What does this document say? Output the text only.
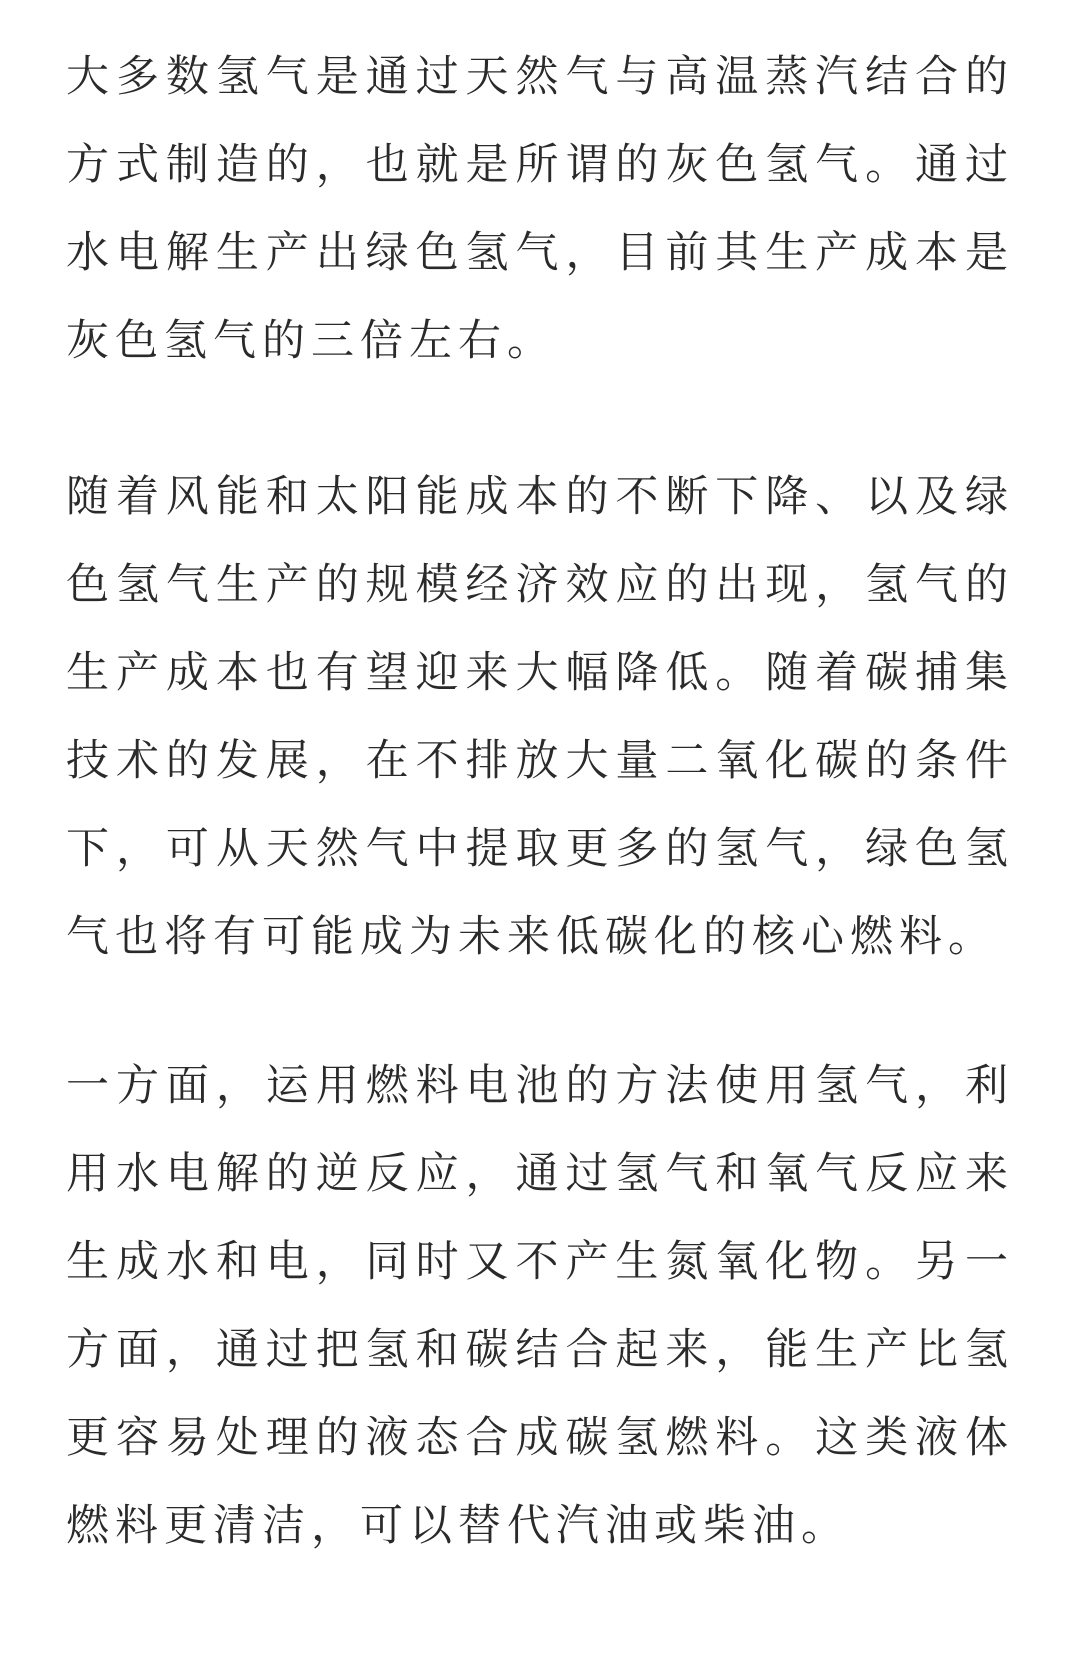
大多数氢气是通过天然气与高温蒸汽结合的方式制造的，也就是所谓的灰色氢气。通过水电解生产出绿色氢气，目前其生产成本是灰色氢气的三倍左右。

随着风能和太阳能成本的不断下降、以及绿色氢气生产的规模经济效应的出现，氢气的生产成本也有望迎来大幅降低。随着碳捕集技术的发展，在不排放大量二氧化碳的条件下，可从天然气中提取更多的氢气，绿色氢气也将有可能成为未来低碳化的核心燃料。

一方面，运用燃料电池的方法使用氢气，利用水电解的逆反应，通过氢气和氧气反应来生成水和电，同时又不产生氮氧化物。另一方面，通过把氢和碳结合起来，能生产比氢更容易处理的液态合成碳氢燃料。这类液体燃料更清洁，可以替代汽油或柴油。
